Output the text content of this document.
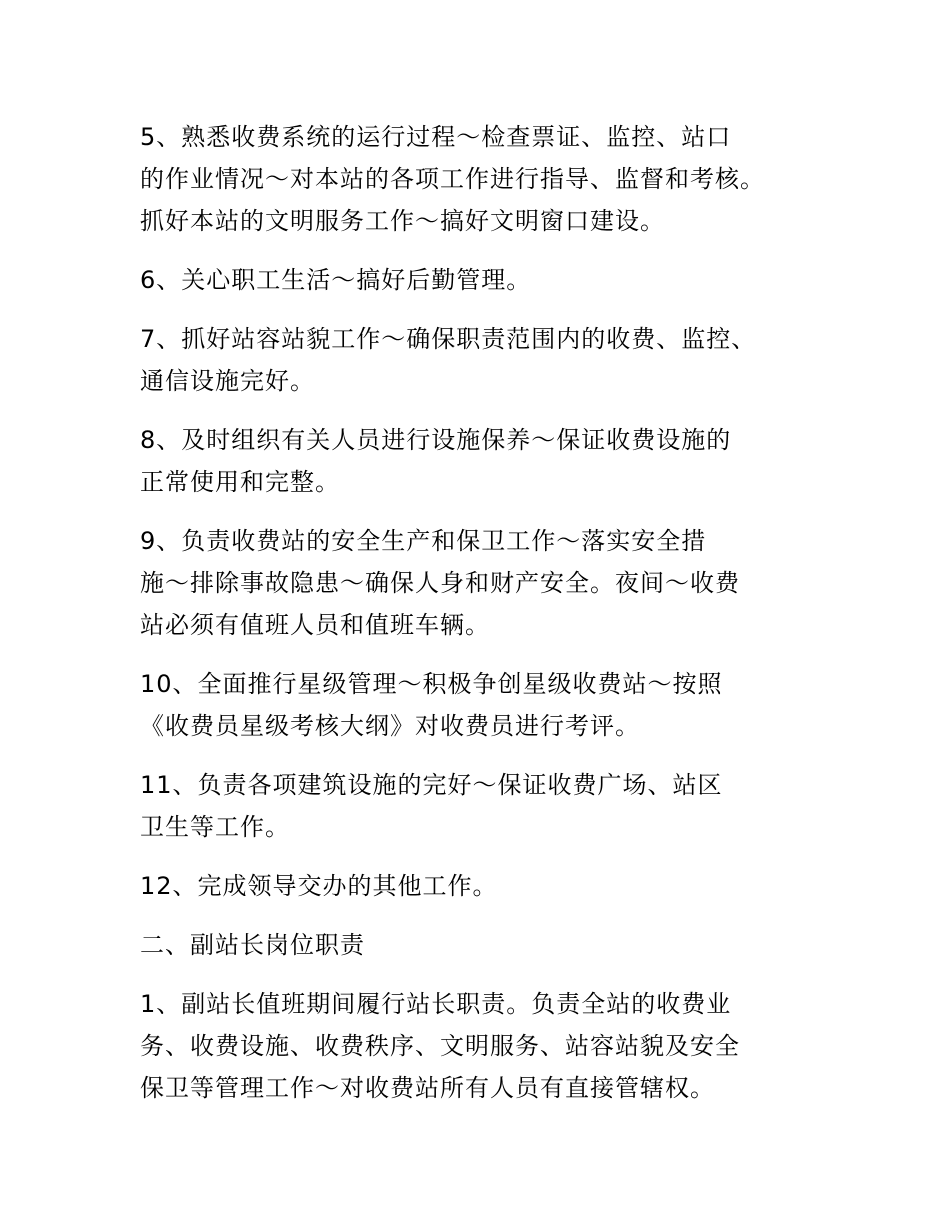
5、熟悉收费系统的运行过程～检查票证、监控、站口
的作业情况～对本站的各项工作进行指导、监督和考核。
抓好本站的文明服务工作～搞好文明窗口建设。

6、关心职工生活～搞好后勤管理。

7、抓好站容站貌工作～确保职责范围内的收费、监控、
通信设施完好。

8、及时组织有关人员进行设施保养～保证收费设施的
正常使用和完整。

9、负责收费站的安全生产和保卫工作～落实安全措
施～排除事故隐患～确保人身和财产安全。夜间～收费
站必须有值班人员和值班车辆。

10、全面推行星级管理～积极争创星级收费站～按照
《收费员星级考核大纲》对收费员进行考评。

11、负责各项建筑设施的完好～保证收费广场、站区
卫生等工作。

12、完成领导交办的其他工作。

二、副站长岗位职责

1、副站长值班期间履行站长职责。负责全站的收费业
务、收费设施、收费秩序、文明服务、站容站貌及安全
保卫等管理工作～对收费站所有人员有直接管辖权。
